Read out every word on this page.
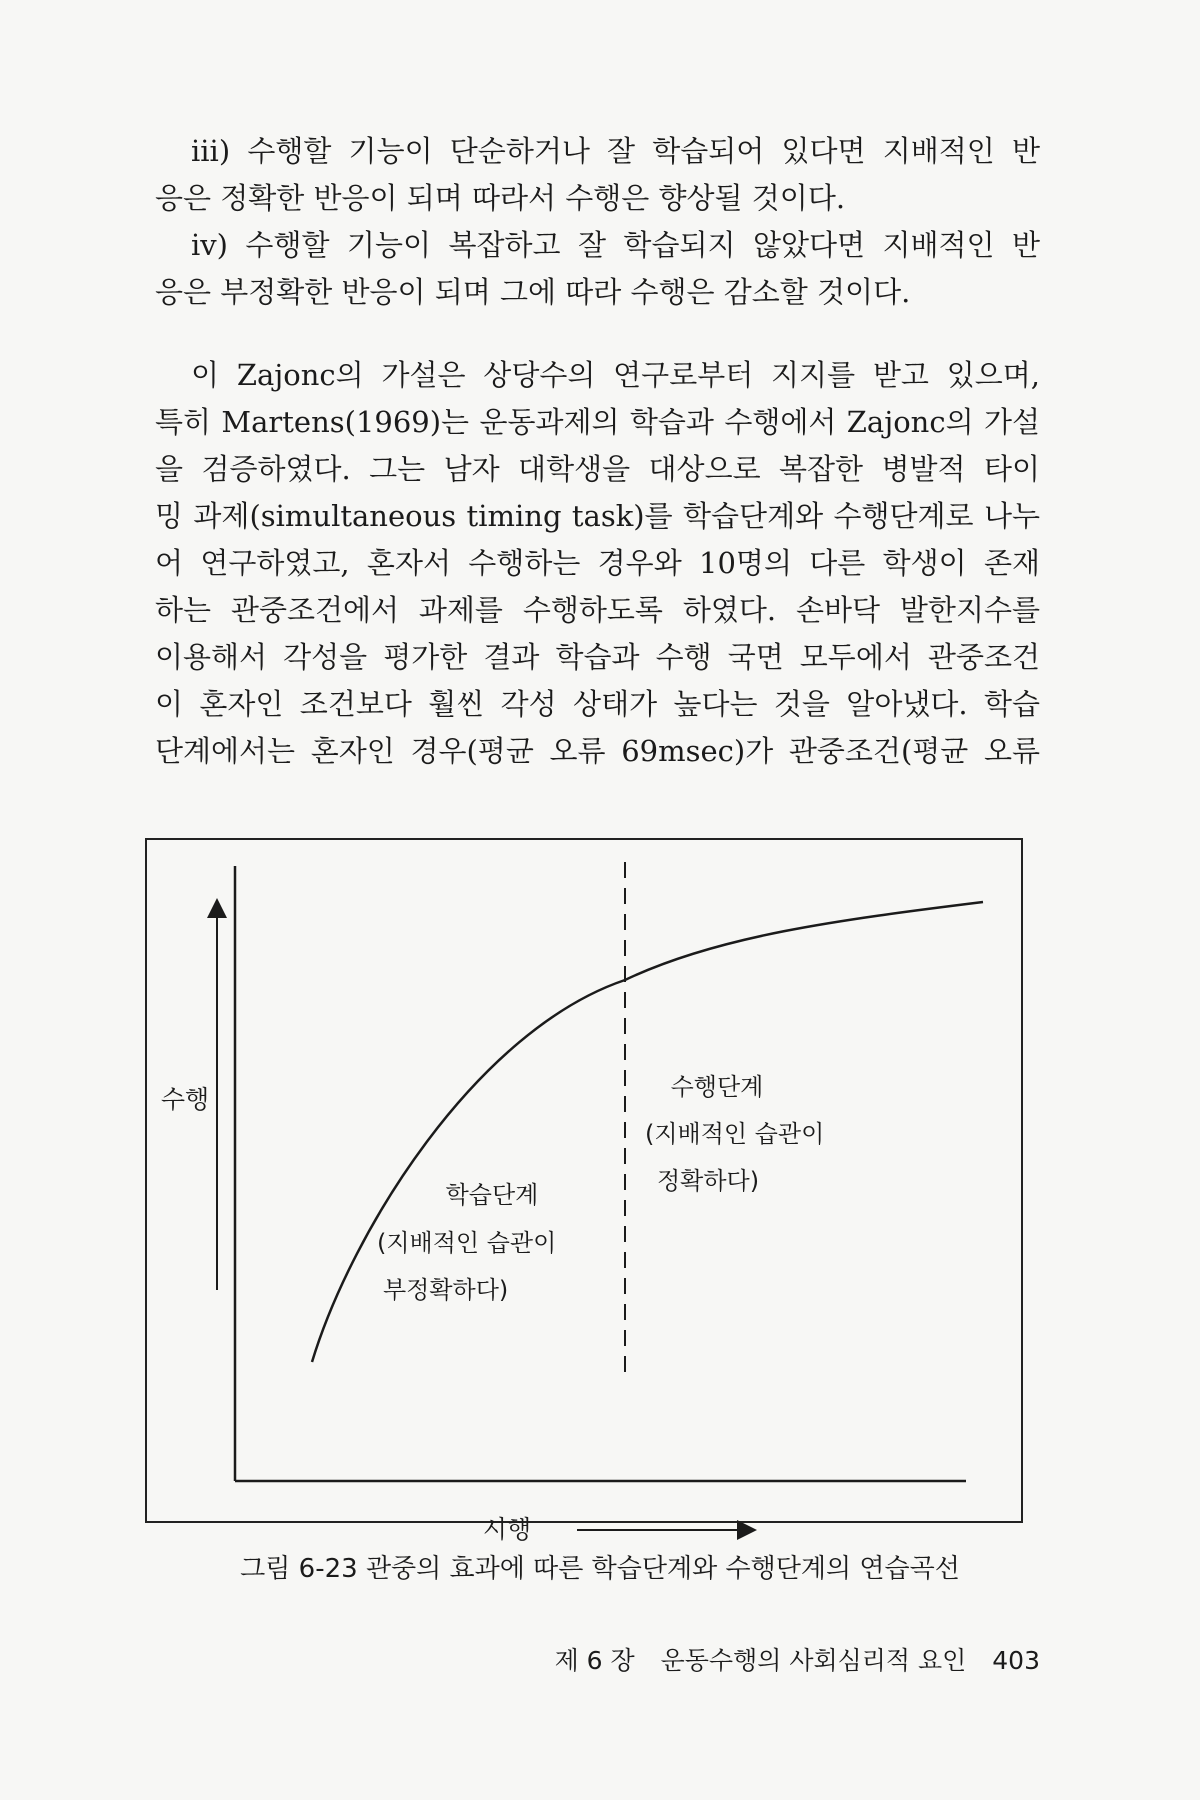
iii) 수행할 기능이 단순하거나 잘 학습되어 있다면 지배적인 반
응은 정확한 반응이 되며 따라서 수행은 향상될 것이다.
iv) 수행할 기능이 복잡하고 잘 학습되지 않았다면 지배적인 반
응은 부정확한 반응이 되며 그에 따라 수행은 감소할 것이다.
이 Zajonc의 가설은 상당수의 연구로부터 지지를 받고 있으며,
특히 Martens(1969)는 운동과제의 학습과 수행에서 Zajonc의 가설
을 검증하였다. 그는 남자 대학생을 대상으로 복잡한 병발적 타이
밍 과제(simultaneous timing task)를 학습단계와 수행단계로 나누
어 연구하였고, 혼자서 수행하는 경우와 10명의 다른 학생이 존재
하는 관중조건에서 과제를 수행하도록 하였다. 손바닥 발한지수를
이용해서 각성을 평가한 결과 학습과 수행 국면 모두에서 관중조건
이 혼자인 조건보다 훨씬 각성 상태가 높다는 것을 알아냈다. 학습
단계에서는 혼자인 경우(평균 오류 69msec)가 관중조건(평균 오류
수행
학습단계
(지배적인 습관이
부정확하다)
수행단계
(지배적인 습관이
정확하다)
시행
그림 6-23 관중의 효과에 따른 학습단계와 수행단계의 연습곡선
제 6 장 운동수행의 사회심리적 요인 403
